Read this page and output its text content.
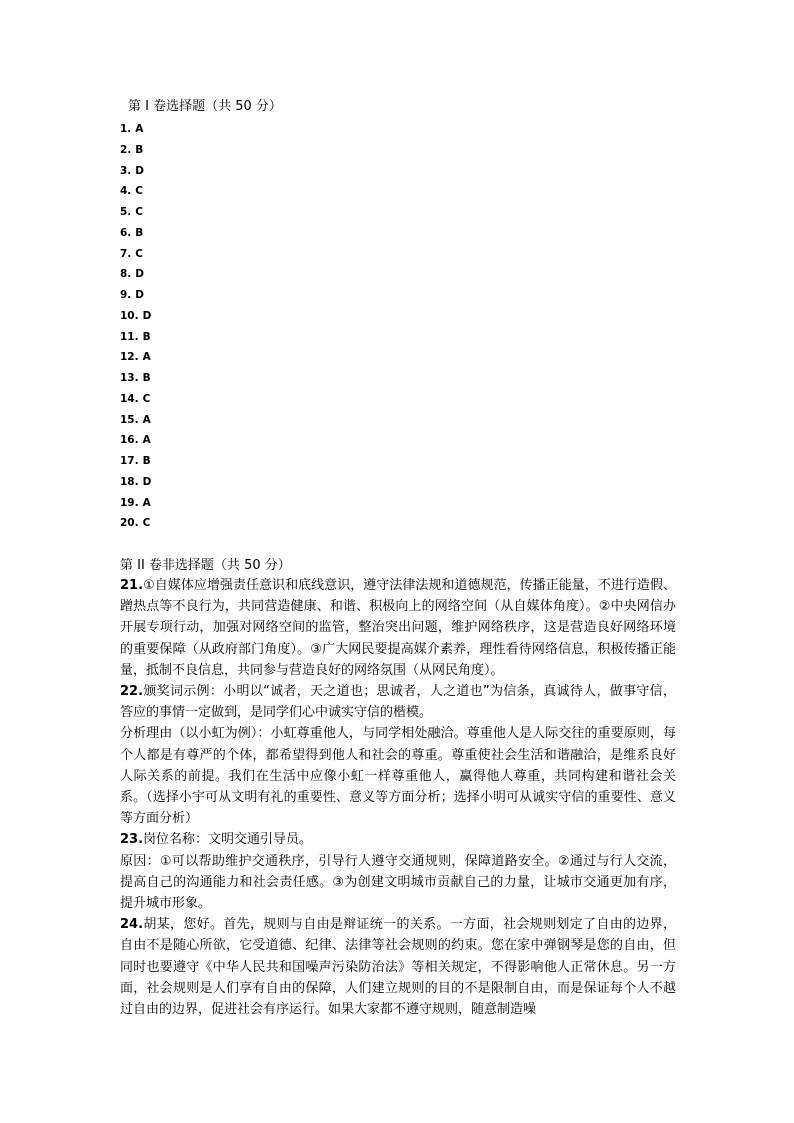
第 I 卷选择题（共 50 分）
1. A
2. B
3. D
4. C
5. C
6. B
7. C
8. D
9. D
10. D
11. B
12. A
13. B
14. C
15. A
16. A
17. B
18. D
19. A
20. C
第 II 卷非选择题（共 50 分）

21.①自媒体应增强责任意识和底线意识，遵守法律法规和道德规范，传播正能量，不进行造假、蹭热点等不良行为，共同营造健康、和谐、积极向上的网络空间（从自媒体角度）。②中央网信办开展专项行动，加强对网络空间的监管，整治突出问题，维护网络秩序，这是营造良好网络环境的重要保障（从政府部门角度）。③广大网民要提高媒介素养，理性看待网络信息，积极传播正能量，抵制不良信息，共同参与营造良好的网络氛围（从网民角度）。

22.颁奖词示例：小明以“诚者，天之道也；思诚者，人之道也”为信条，真诚待人，做事守信，答应的事情一定做到，是同学们心中诚实守信的楷模。

分析理由（以小虹为例）：小虹尊重他人，与同学相处融洽。尊重他人是人际交往的重要原则，每个人都是有尊严的个体，都希望得到他人和社会的尊重。尊重使社会生活和谐融洽，是维系良好人际关系的前提。我们在生活中应像小虹一样尊重他人，赢得他人尊重，共同构建和谐社会关系。（选择小宇可从文明有礼的重要性、意义等方面分析；选择小明可从诚实守信的重要性、意义等方面分析）

23.岗位名称：文明交通引导员。

原因：①可以帮助维护交通秩序，引导行人遵守交通规则，保障道路安全。②通过与行人交流，提高自己的沟通能力和社会责任感。③为创建文明城市贡献自己的力量，让城市交通更加有序，提升城市形象。

24.胡某，您好。首先，规则与自由是辩证统一的关系。一方面，社会规则划定了自由的边界，自由不是随心所欲，它受道德、纪律、法律等社会规则的约束。您在家中弹钢琴是您的自由，但同时也要遵守《中华人民共和国噪声污染防治法》等相关规定，不得影响他人正常休息。另一方面，社会规则是人们享有自由的保障，人们建立规则的目的不是限制自由，而是保证每个人不越过自由的边界，促进社会有序运行。如果大家都不遵守规则，随意制造噪
